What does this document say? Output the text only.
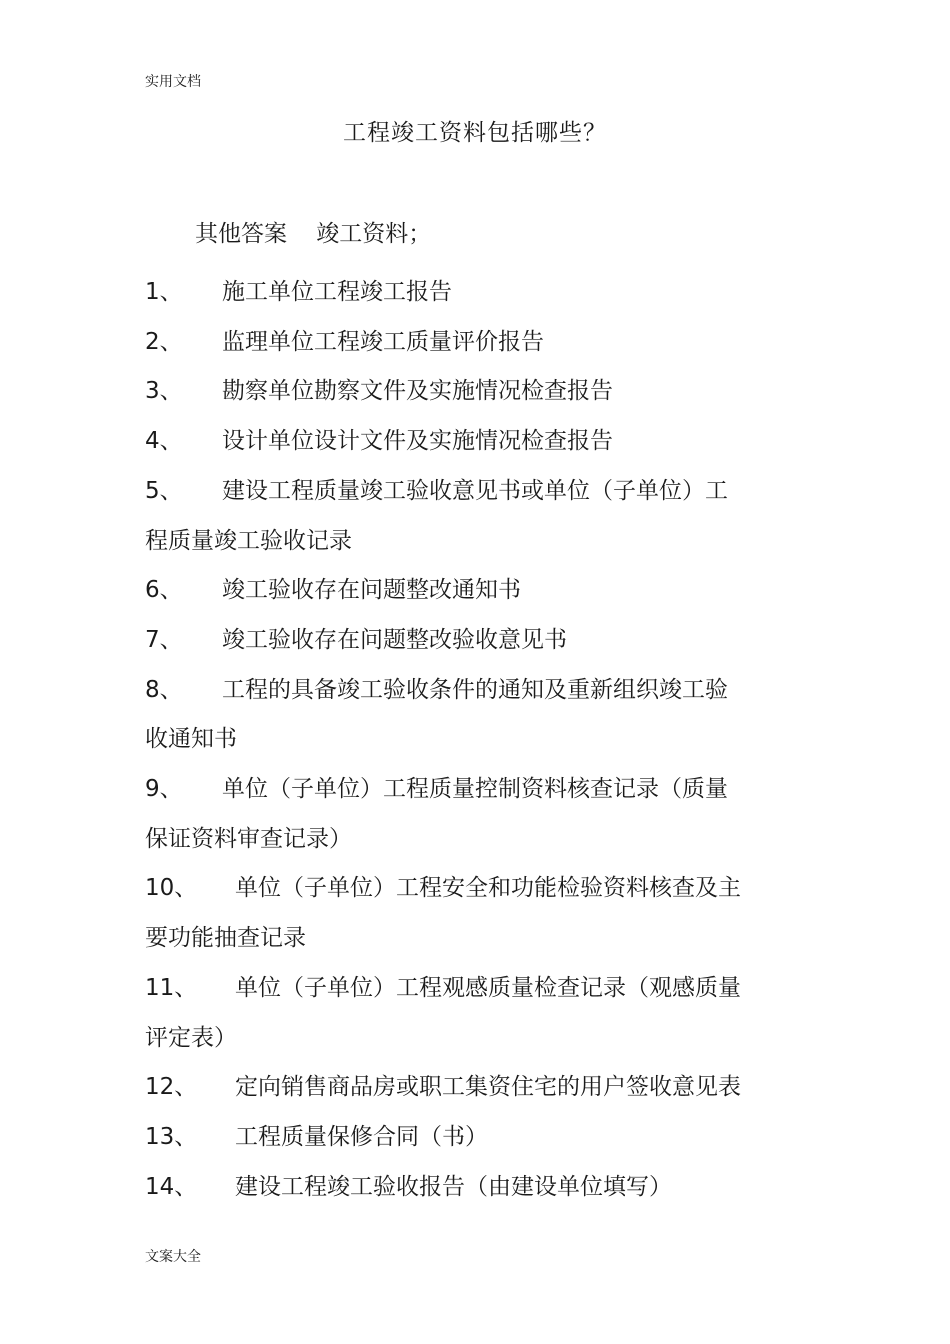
实用文档
工程竣工资料包括哪些？
其他答案    竣工资料；
1、 施工单位工程竣工报告
2、 监理单位工程竣工质量评价报告
3、 勘察单位勘察文件及实施情况检查报告
4、 设计单位设计文件及实施情况检查报告
5、 建设工程质量竣工验收意见书或单位（子单位）工
程质量竣工验收记录
6、 竣工验收存在问题整改通知书
7、 竣工验收存在问题整改验收意见书
8、 工程的具备竣工验收条件的通知及重新组织竣工验
收通知书
9、 单位（子单位）工程质量控制资料核查记录（质量
保证资料审查记录）
10、 单位（子单位）工程安全和功能检验资料核查及主
要功能抽查记录
11、 单位（子单位）工程观感质量检查记录（观感质量
评定表）
12、 定向销售商品房或职工集资住宅的用户签收意见表
13、 工程质量保修合同（书）
14、 建设工程竣工验收报告（由建设单位填写）
文案大全
